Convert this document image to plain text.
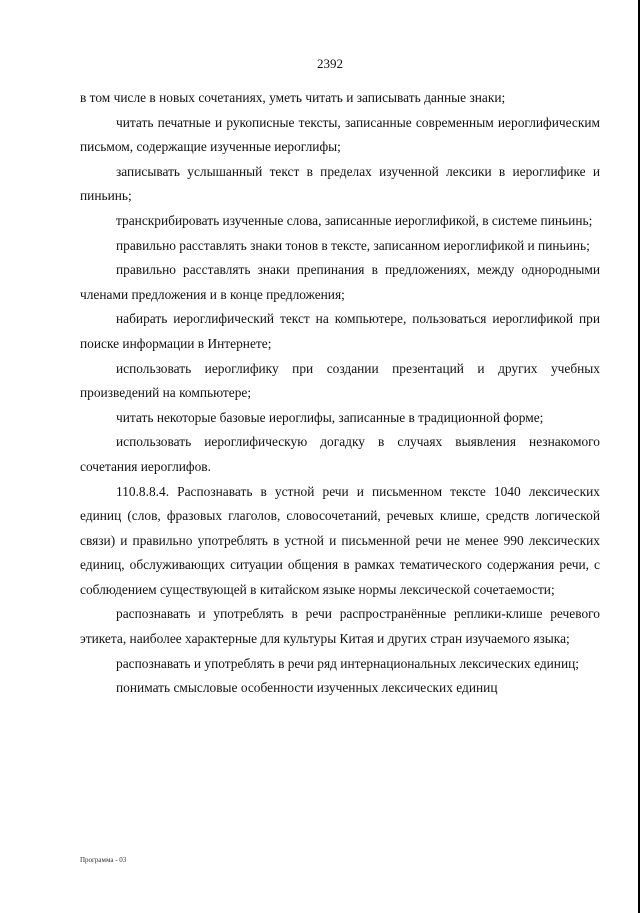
2392

в том числе в новых сочетаниях, уметь читать и записывать данные знаки;

читать печатные и рукописные тексты, записанные современным иероглифическим письмом, содержащие изученные иероглифы;

записывать услышанный текст в пределах изученной лексики в иероглифике и пиньинь;

транскрибировать изученные слова, записанные иероглификой, в системе пиньинь;

правильно расставлять знаки тонов в тексте, записанном иероглификой и пиньинь;

правильно расставлять знаки препинания в предложениях, между однородными членами предложения и в конце предложения;

набирать иероглифический текст на компьютере, пользоваться иероглификой при поиске информации в Интернете;

использовать иероглифику при создании презентаций и других учебных произведений на компьютере;

читать некоторые базовые иероглифы, записанные в традиционной форме;

использовать иероглифическую догадку в случаях выявления незнакомого сочетания иероглифов.

110.8.8.4. Распознавать в устной речи и письменном тексте 1040 лексических единиц (слов, фразовых глаголов, словосочетаний, речевых клише, средств логической связи) и правильно употреблять в устной и письменной речи не менее 990 лексических единиц, обслуживающих ситуации общения в рамках тематического содержания речи, с соблюдением существующей в китайском языке нормы лексической сочетаемости;

распознавать и употреблять в речи распространённые реплики-клише речевого этикета, наиболее характерные для культуры Китая и других стран изучаемого языка;

распознавать и употреблять в речи ряд интернациональных лексических единиц;

понимать смысловые особенности изученных лексических единиц

Программа - 03
